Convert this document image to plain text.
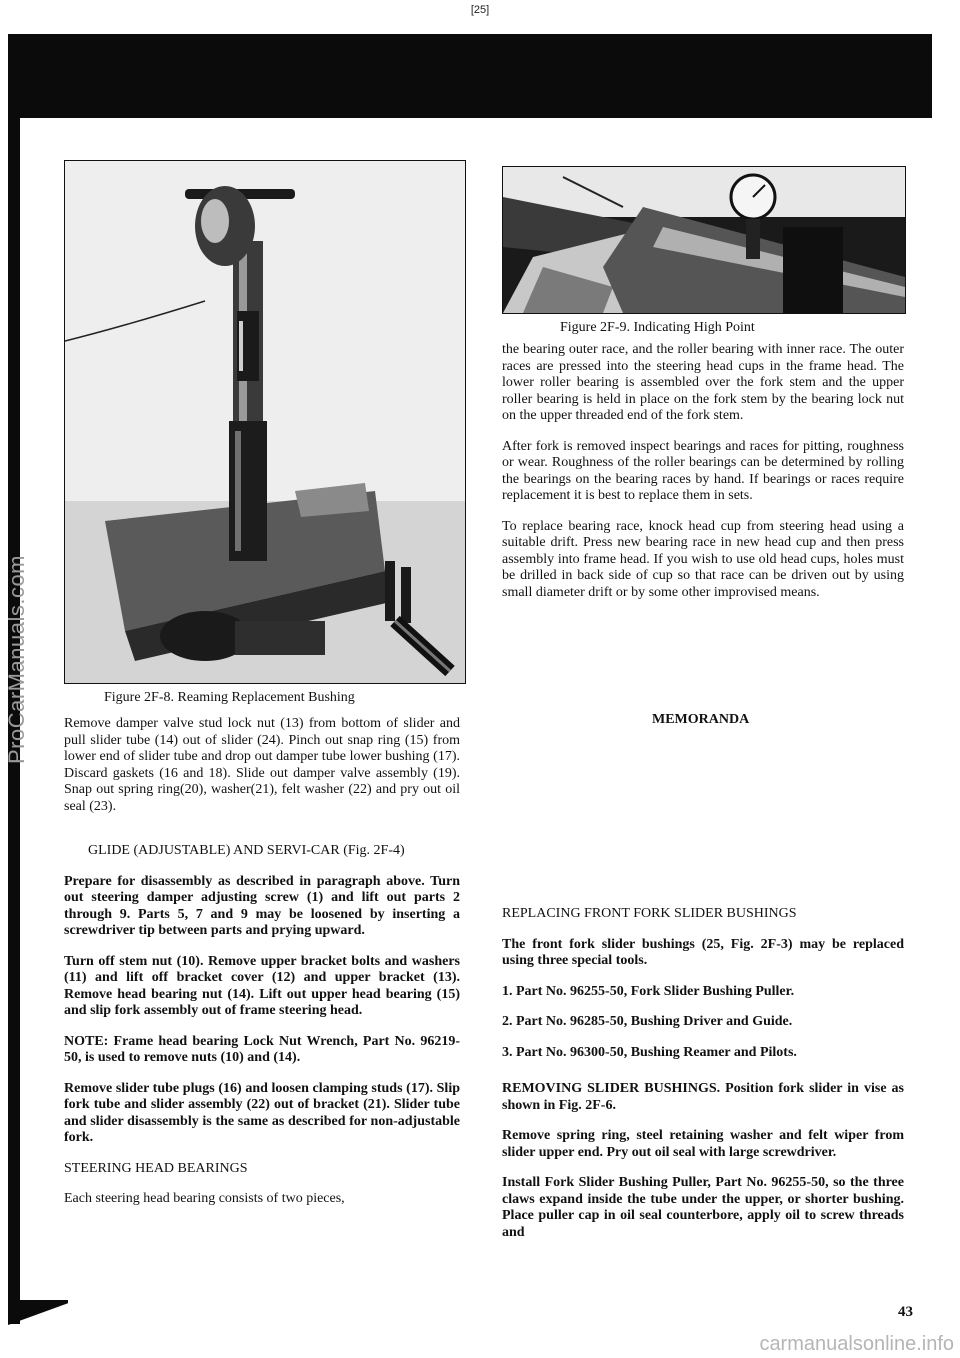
[25]
ProCarManuals.com	Figure 2F-8. Reaming Replacement Bushing
Figure 2F-9. Indicating High Point

Remove damper valve stud lock nut (13) from bottom of slider and pull slider tube (14) out of slider (24). Pinch out snap ring (15) from lower end of slider tube and drop out damper tube lower bushing (17). Discard gaskets (16 and 18). Slide out damper valve assembly (19). Snap out spring ring(20), washer(21), felt washer (22) and pry out oil seal (23).

GLIDE (ADJUSTABLE) AND SERVI-CAR (Fig. 2F-4)

Prepare for disassembly as described in paragraph above. Turn out steering damper adjusting screw (1) and lift out parts 2 through 9. Parts 5, 7 and 9 may be loosened by inserting a screwdriver tip between parts and prying upward.

Turn off stem nut (10). Remove upper bracket bolts and washers (11) and lift off bracket cover (12) and upper bracket (13). Remove head bearing nut (14). Lift out upper head bearing (15) and slip fork assembly out of frame steering head.

NOTE: Frame head bearing Lock Nut Wrench, Part No. 96219-50, is used to remove nuts (10) and (14).

Remove slider tube plugs (16) and loosen clamping studs (17). Slip fork tube and slider assembly (22) out of bracket (21). Slider tube and slider disassembly is the same as described for non-adjustable fork.

STEERING HEAD BEARINGS

Each steering head bearing consists of two pieces,

the bearing outer race, and the roller bearing with inner race. The outer races are pressed into the steering head cups in the frame head. The lower roller bearing is assembled over the fork stem and the upper roller bearing is held in place on the fork stem by the bearing lock nut on the upper threaded end of the fork stem.

After fork is removed inspect bearings and races for pitting, roughness or wear. Roughness of the roller bearings can be determined by rolling the bearings on the bearing races by hand. If bearings or races require replacement it is best to replace them in sets.

To replace bearing race, knock head cup from steering head using a suitable drift. Press new bearing race in new head cup and then press assembly into frame head. If you wish to use old head cups, holes must be drilled in back side of cup so that race can be driven out by using small diameter drift or by some other improvised means.

MEMORANDA

REPLACING FRONT FORK SLIDER BUSHINGS

The front fork slider bushings (25, Fig. 2F-3) may be replaced using three special tools.

1. Part No. 96255-50, Fork Slider Bushing Puller.
2. Part No. 96285-50, Bushing Driver and Guide.
3. Part No. 96300-50, Bushing Reamer and Pilots.

REMOVING SLIDER BUSHINGS. Position fork slider in vise as shown in Fig. 2F-6.

Remove spring ring, steel retaining washer and felt wiper from slider upper end. Pry out oil seal with large screwdriver.

Install Fork Slider Bushing Puller, Part No. 96255-50, so the three claws expand inside the tube under the upper, or shorter bushing. Place puller cap in oil seal counterbore, apply oil to screw threads and

43
carmanualsonline.info
